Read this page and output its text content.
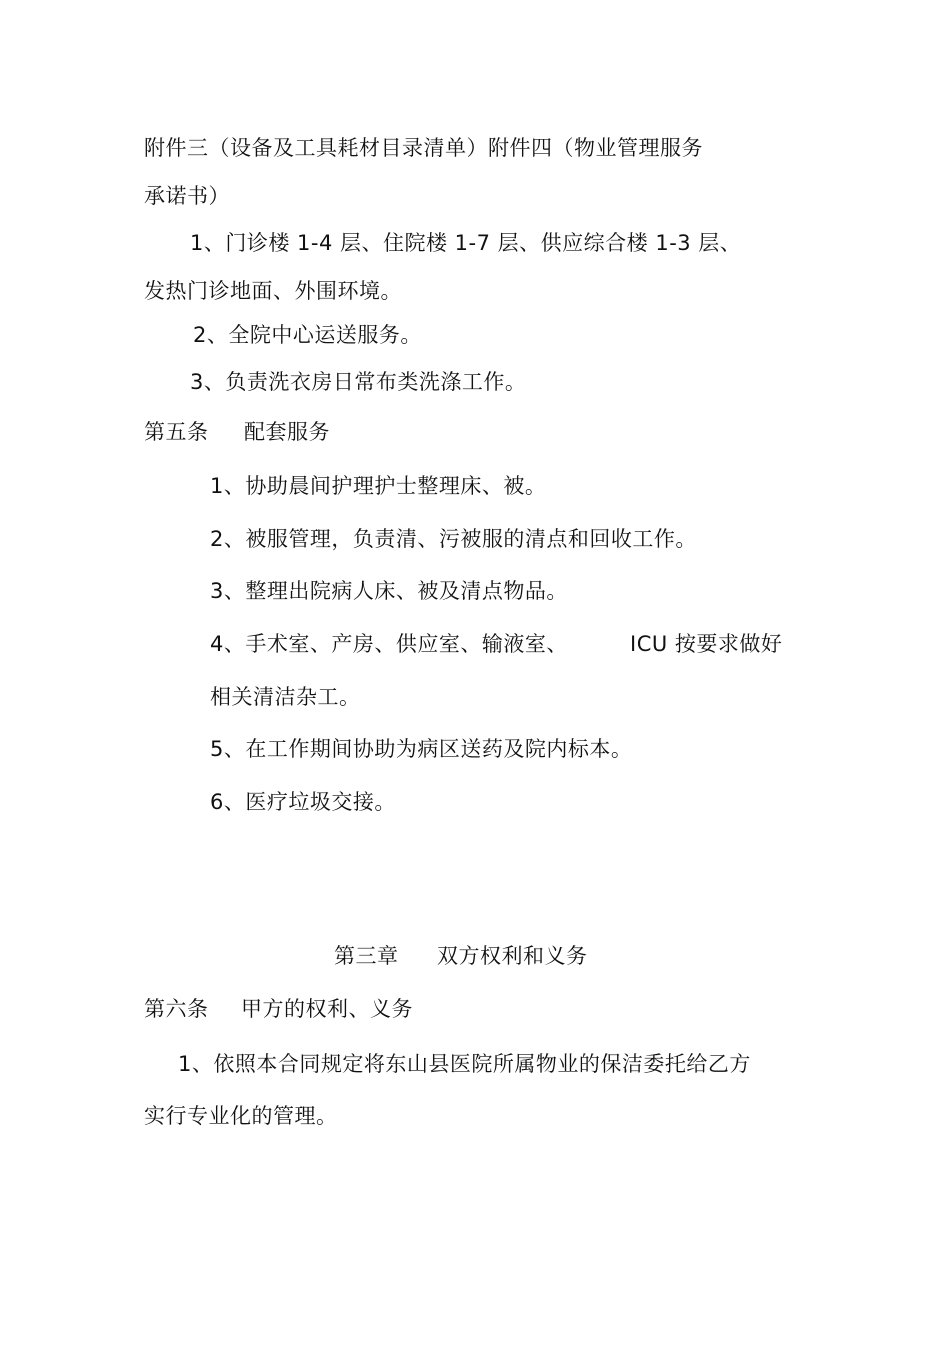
附件三（设备及工具耗材目录清单）附件四（物业管理服务
承诺书）
1、门诊楼 1-4 层、住院楼 1-7 层、供应综合楼 1-3 层、
发热门诊地面、外围环境。
2、全院中心运送服务。
3、负责洗衣房日常布类洗涤工作。
第五条 配套服务
1、协助晨间护理护士整理床、被。
2、被服管理，负责清、污被服的清点和回收工作。
3、整理出院病人床、被及清点物品。
4、手术室、产房、供应室、输液室、	ICU 按要求做好
相关清洁杂工。
5、在工作期间协助为病区送药及院内标本。
6、医疗垃圾交接。
第三章 双方权利和义务
第六条 甲方的权利、义务
1、依照本合同规定将东山县医院所属物业的保洁委托给乙方
实行专业化的管理。
